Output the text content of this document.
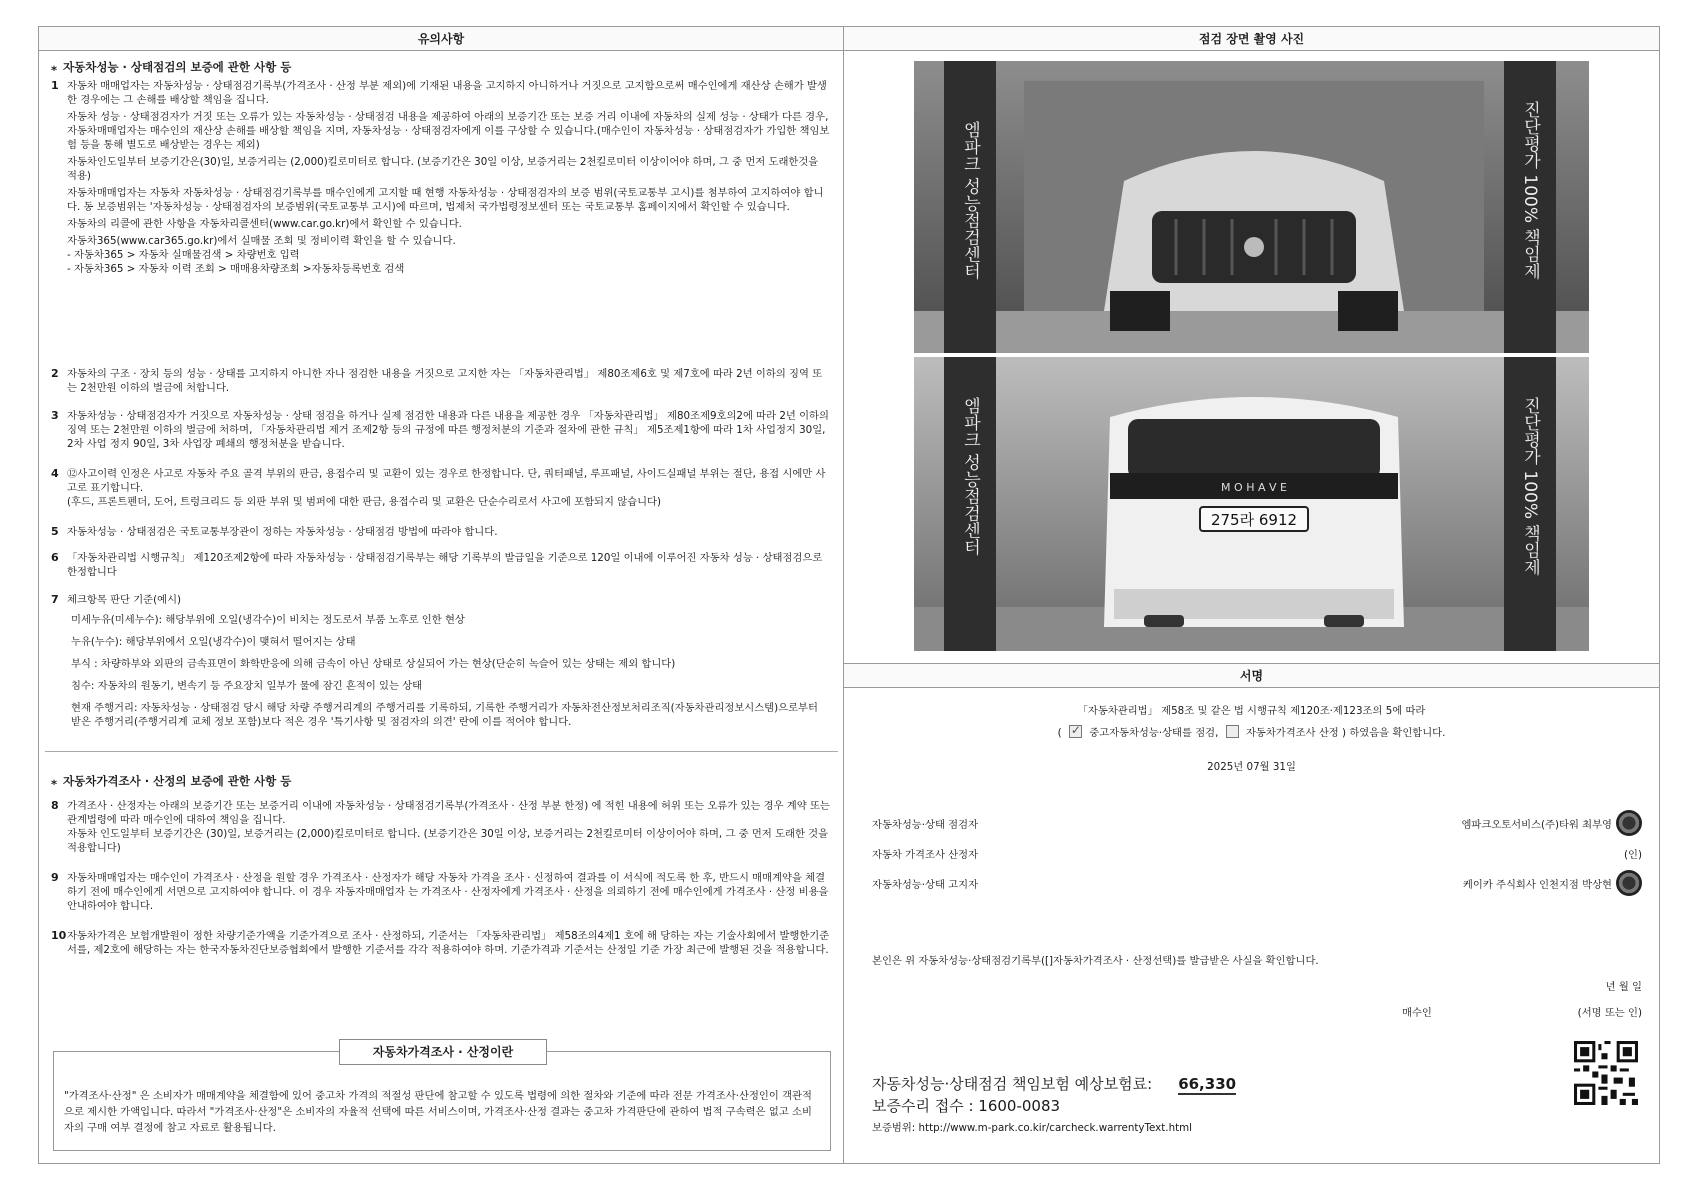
유의사항
⁎ 자동차성능 · 상태점검의 보증에 관한 사항 등
1 자동차 매매업자는 자동차성능 · 상태점검기록부(가격조사 · 산정 부분 제외)에 기재된 내용을 고지하지 아니하거나 거짓으로 고지함으로써 매수인에게 재산상 손해가 발생한 경우에는 그 손해를 배상할 책임을 집니다.

자동차 성능 · 상태점검자가 거짓 또는 오류가 있는 자동차성능 · 상태점검 내용을 제공하여 아래의 보증기간 또는 보증 거리 이내에 자동차의 실제 성능 · 상태가 다른 경우, 자동차매매업자는 매수인의 재산상 손해를 배상할 책임을 지며, 자동차성능 · 상태점검자에게 이를 구상할 수 있습니다.(매수인이 자동차성능 · 상태점검자가 가입한 책임보험 등을 통해 별도로 배상받는 경우는 제외)

자동차인도일부터 보증기간은(30)일, 보증거리는 (2,000)킬로미터로 합니다. (보증기간은 30일 이상, 보증거리는 2천킬로미터 이상이어야 하며, 그 중 먼저 도래한것을 적용)

자동차매매업자는 자동차 자동차성능 · 상태점검기록부를 매수인에게 고지할 때 현행 자동차성능 · 상태점검자의 보증 범위(국토교통부 고시)를 첨부하여 고지하여야 합니다. 동 보증범위는 '자동차성능 · 상태점검자의 보증범위(국토교통부 고시)에 따르며, 법제처 국가법령정보센터 또는 국토교통부 홈페이지에서 확인할 수 있습니다.

자동차의 리콜에 관한 사항을 자동차리콜센터(www.car.go.kr)에서 확인할 수 있습니다.

자동차365(www.car365.go.kr)에서 실매물 조회 및 정비이력 확인을 할 수 있습니다.

- 자동차365 > 자동차 실매물검색 > 차량번호 입력

- 자동차365 > 자동차 이력 조회 > 매매용차량조회 >자동차등록번호 검색

2 자동차의 구조 · 장치 등의 성능 · 상태를 고지하지 아니한 자나 점검한 내용을 거짓으로 고지한 자는 「자동차관리법」 제80조제6호 및 제7호에 따라 2년 이하의 징역 또는 2천만원 이하의 벌금에 처합니다.

3 자동차성능 · 상태점검자가 거짓으로 자동차성능 · 상태 점검을 하거나 실제 점검한 내용과 다른 내용을 제공한 경우 「자동차관리법」 제80조제9호의2에 따라 2년 이하의 징역 또는 2천만원 이하의 벌금에 처하며, 「자동차관리법 제거 조제2항 등의 규정에 따른 행정처분의 기준과 절차에 관한 규칙」 제5조제1항에 따라 1차 사업정지 30일, 2차 사업 정지 90일, 3차 사업장 폐쇄의 행정처분을 받습니다.

4 ⑫사고이력 인정은 사고로 자동차 주요 골격 부위의 판금, 용접수리 및 교환이 있는 경우로 한정합니다. 단, 쿼터패널, 루프패널, 사이드실패널 부위는 절단, 용접 시에만 사고로 표기합니다.

(후드, 프론트펜더, 도어, 트렁크리드 등 외판 부위 및 범퍼에 대한 판금, 용접수리 및 교환은 단순수리로서 사고에 포함되지 않습니다)

5 자동차성능 · 상태점검은 국토교통부장관이 정하는 자동차성능 · 상태점검 방법에 따라야 합니다.

6 「자동차관리법 시행규칙」 제120조제2항에 따라 자동차성능 · 상태점검기록부는 해당 기록부의 발급일을 기준으로 120일 이내에 이루어진 자동차 성능 · 상태점검으로 한정합니다

7 체크항목 판단 기준(예시)

미세누유(미세누수): 해당부위에 오일(냉각수)이 비치는 정도로서 부품 노후로 인한 현상

누유(누수): 해당부위에서 오일(냉각수)이 맺혀서 떨어지는 상태

부식 : 차량하부와 외판의 금속표면이 화학반응에 의해 금속이 아닌 상태로 상실되어 가는 현상(단순히 녹슬어 있는 상태는 제외 합니다)

침수: 자동차의 원동기, 변속기 등 주요장치 일부가 물에 잠긴 흔적이 있는 상태

현재 주행거리: 자동차성능 · 상태점검 당시 해당 차량 주행거리계의 주행거리를 기록하되, 기록한 주행거리가 자동차전산정보처리조직(자동차관리정보시스템)으로부터 받은 주행거리(주행거리계 교체 정보 포함)보다 적은 경우 '특기사항 및 점검자의 의견' 란에 이를 적어야 합니다.

⁎ 자동차가격조사 · 산정의 보증에 관한 사항 등
8 가격조사 · 산정자는 아래의 보증기간 또는 보증거리 이내에 자동차성능 · 상태점검기록부(가격조사 · 산정 부분 한정) 에 적힌 내용에 허위 또는 오류가 있는 경우 계약 또는 관계법령에 따라 매수인에 대하여 책임을 집니다.

자동차 인도일부터 보증기간은 (30)일, 보증거리는 (2,000)킬로미터로 합니다. (보증기간은 30일 이상, 보증거리는 2천킬로미터 이상이어야 하며, 그 중 먼저 도래한 것을 적용합니다)

9 자동차매매업자는 매수인이 가격조사 · 산정을 원할 경우 가격조사 · 산정자가 해당 자동차 가격을 조사 · 신정하여 결과를 이 서식에 적도록 한 후, 반드시 매매계약을 체결하기 전에 매수인에게 서면으로 고지하여야 합니다. 이 경우 자동자매매업자 는 가격조사 · 산정자에게 가격조사 · 산정을 의뢰하기 전에 매수인에게 가격조사 · 산정 비용을 안내하여야 합니다.

10 자동차가격은 보험개발원이 정한 차량기준가액을 기준가격으로 조사 · 산정하되, 기준서는 「자동차관리법」 제58조의4제1 호에 해 당하는 자는 기술사회에서 발행한기준서를, 제2호에 해당하는 자는 한국자동차진단보증협회에서 발행한 기준서를 각각 적용하여야 하며. 기준가격과 기준서는 산정일 기준 가장 최근에 발행된 것을 적용합니다.

"가격조사·산정" 은 소비자가 매매계약을 체결함에 있어 중고차 가격의 적절성 판단에 참고할 수 있도록 법령에 의한 절차와 기준에 따라 전문 가격조사·산정인이 객관적으로 제시한 가액입니다. 따라서 "가격조사·산정"은 소비자의 자율적 선택에 따른 서비스이며, 가격조사·산정 결과는 중고차 가격판단에 관하여 법적 구속력은 없고 소비자의 구매 여부 결정에 참고 자료로 활용됩니다.
자동차가격조사 · 산정이란
점검 장면 촬영 사진
엠파크 성능점검센터	진단평가 100% 책임제
M O H A V E
275라 6912
엠파크 성능점검센터	진단평가 100% 책임제
서명
「자동차관리법」 제58조 및 같은 법 시행규칙 제120조·제123조의 5에 따라
( ✓	중고자동차성능·상태를 점검,	자동차가격조사 산정 ) 하였음을 확인합니다.
2025년 07월 31일
자동차성능·상태 점검자	엠파크오토서비스(주)타워 최부영
자동차 가격조사 산정자	(인)
자동차성능·상태 고지자	케이카 주식회사 인천지점 박상현
본인은 위 자동차성능·상태점검기록부([]자동차가격조사 · 산정선택)를 발급받은 사실을 확인합니다.
년 월 일
매수인	(서명 또는 인)
자동차성능·상태점검 책임보험 예상보험료: 66,330
보증수리 접수 : 1600-0083
보증범위: http://www.m-park.co.kir/carcheck.warrentyText.html
